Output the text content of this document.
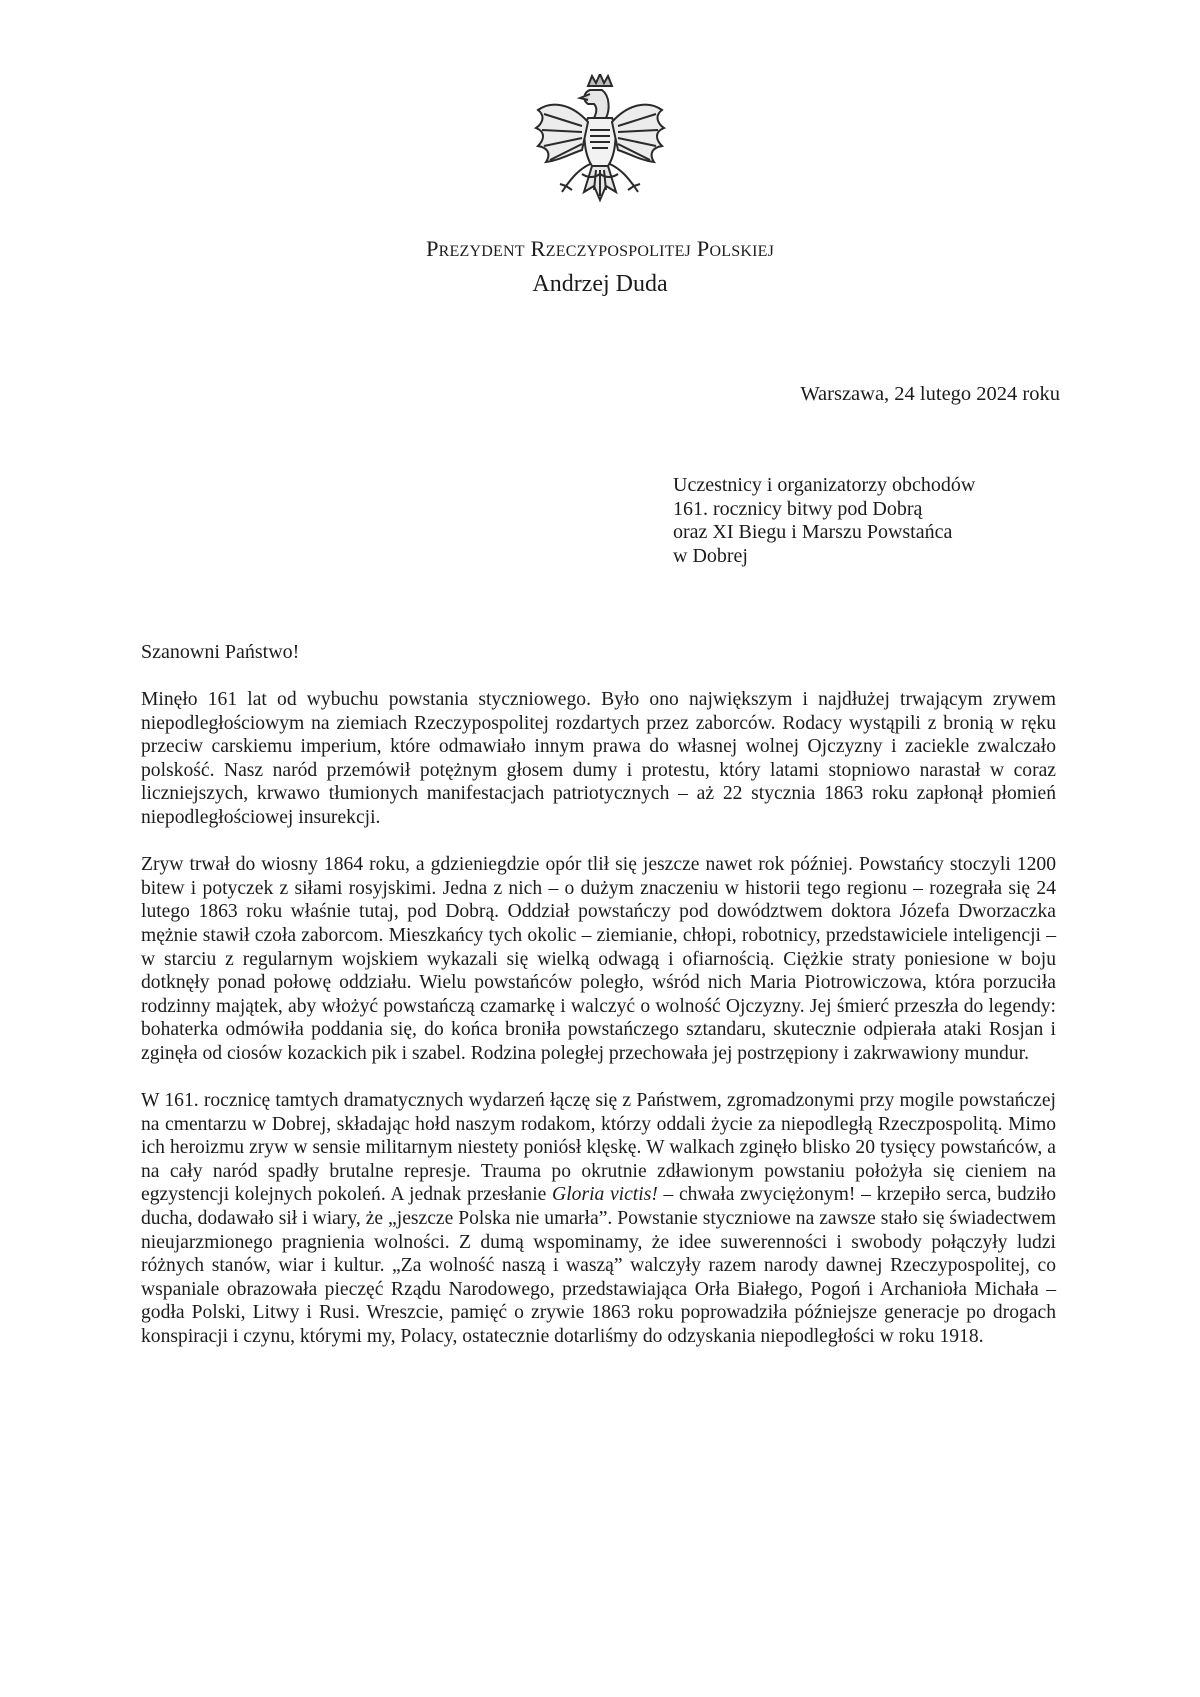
Prezydent Rzeczypospolitej Polskiej
Andrzej Duda
Warszawa, 24 lutego 2024 roku
Uczestnicy i organizatorzy obchodów
161. rocznicy bitwy pod Dobrą
oraz XI Biegu i Marszu Powstańca
w Dobrej
Szanowni Państwo!

Minęło 161 lat od wybuchu powstania styczniowego. Było ono największym i najdłużej trwającym zrywem niepodległościowym na ziemiach Rzeczypospolitej rozdartych przez zaborców. Rodacy wystąpili z bronią w ręku przeciw carskiemu imperium, które odmawiało innym prawa do własnej wolnej Ojczyzny i zaciekle zwalczało polskość. Nasz naród przemówił potężnym głosem dumy i protestu, który latami stopniowo narastał w coraz liczniejszych, krwawo tłumionych manifestacjach patriotycznych – aż 22 stycznia 1863 roku zapłonął płomień niepodległościowej insurekcji.

Zryw trwał do wiosny 1864 roku, a gdzieniegdzie opór tlił się jeszcze nawet rok później. Powstańcy stoczyli 1200 bitew i potyczek z siłami rosyjskimi. Jedna z nich – o dużym znaczeniu w historii tego regionu – rozegrała się 24 lutego 1863 roku właśnie tutaj, pod Dobrą. Oddział powstańczy pod dowództwem doktora Józefa Dworzaczka mężnie stawił czoła zaborcom. Mieszkańcy tych okolic – ziemianie, chłopi, robotnicy, przedstawiciele inteligencji – w starciu z regularnym wojskiem wykazali się wielką odwagą i ofiarnością. Ciężkie straty poniesione w boju dotknęły ponad połowę oddziału. Wielu powstańców poległo, wśród nich Maria Piotrowiczowa, która porzuciła rodzinny majątek, aby włożyć powstańczą czamarkę i walczyć o wolność Ojczyzny. Jej śmierć przeszła do legendy: bohaterka odmówiła poddania się, do końca broniła powstańczego sztandaru, skutecznie odpierała ataki Rosjan i zginęła od ciosów kozackich pik i szabel. Rodzina poległej przechowała jej postrzępiony i zakrwawiony mundur.

W 161. rocznicę tamtych dramatycznych wydarzeń łączę się z Państwem, zgromadzonymi przy mogile powstańczej na cmentarzu w Dobrej, składając hołd naszym rodakom, którzy oddali życie za niepodległą Rzeczpospolitą. Mimo ich heroizmu zryw w sensie militarnym niestety poniósł klęskę. W walkach zginęło blisko 20 tysięcy powstańców, a na cały naród spadły brutalne represje. Trauma po okrutnie zdławionym powstaniu położyła się cieniem na egzystencji kolejnych pokoleń. A jednak przesłanie Gloria victis! – chwała zwyciężonym! – krzepiło serca, budziło ducha, dodawało sił i wiary, że „jeszcze Polska nie umarła”. Powstanie styczniowe na zawsze stało się świadectwem nieujarzmionego pragnienia wolności. Z dumą wspominamy, że idee suwerenności i swobody połączyły ludzi różnych stanów, wiar i kultur. „Za wolność naszą i waszą” walczyły razem narody dawnej Rzeczypospolitej, co wspaniale obrazowała pieczęć Rządu Narodowego, przedstawiająca Orła Białego, Pogoń i Archanioła Michała – godła Polski, Litwy i Rusi. Wreszcie, pamięć o zrywie 1863 roku poprowadziła późniejsze generacje po drogach konspiracji i czynu, którymi my, Polacy, ostatecznie dotarliśmy do odzyskania niepodległości w roku 1918.
